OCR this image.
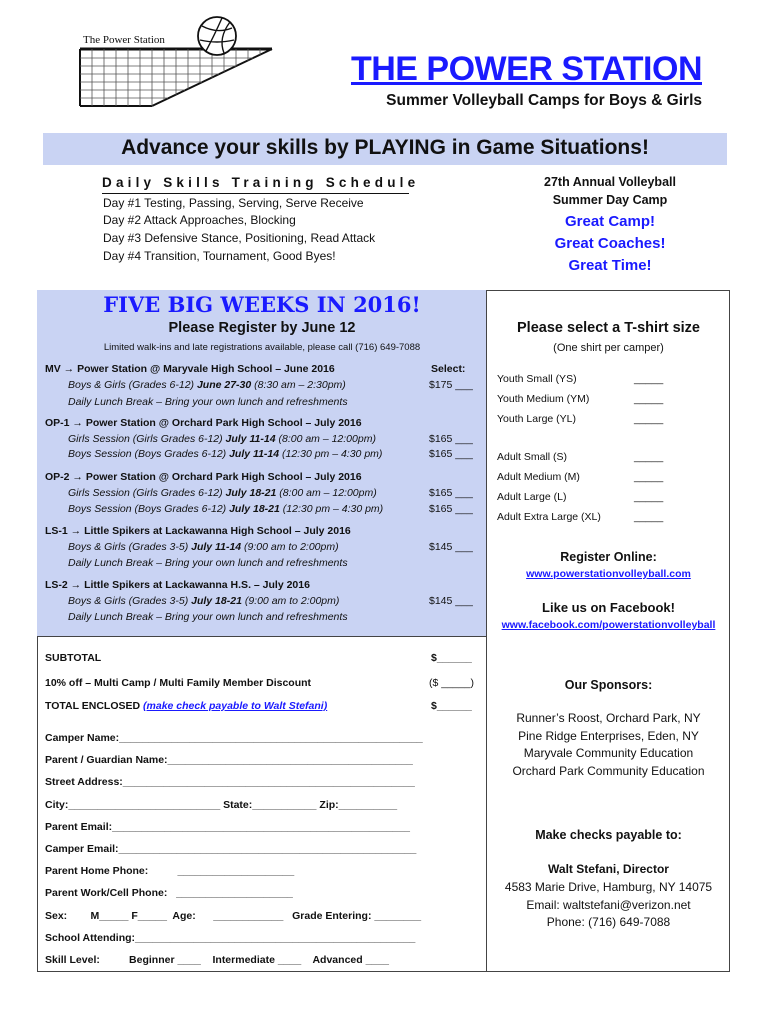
The Power Station
THE POWER STATION
Summer Volleyball Camps for Boys & Girls
Advance your skills by PLAYING in Game Situations!
Daily Skills Training Schedule
Day #1 Testing, Passing, Serving, Serve Receive
Day #2 Attack Approaches, Blocking
Day #3 Defensive Stance, Positioning, Read Attack
Day #4 Transition, Tournament, Good Byes!
27th Annual Volleyball
Summer Day Camp
Great Camp!
Great Coaches!
Great Time!
FIVE BIG WEEKS IN 2016!
Please Register by June 12
Limited walk-ins and late registrations available, please call (716) 649-7088
Select:
MV → Power Station @ Maryvale High School – June 2016
Boys & Girls (Grades 6-12) June 27-30 (8:30 am – 2:30pm)	$175 ___
Daily Lunch Break – Bring your own lunch and refreshments
OP-1 → Power Station @ Orchard Park High School – July 2016
Girls Session (Girls Grades 6-12) July 11-14 (8:00 am – 12:00pm)	$165 ___
Boys Session (Boys Grades 6-12) July 11-14 (12:30 pm – 4:30 pm)	$165 ___
OP-2 → Power Station @ Orchard Park High School – July 2016
Girls Session (Girls Grades 6-12) July 18-21 (8:00 am – 12:00pm)	$165 ___
Boys Session (Boys Grades 6-12) July 18-21 (12:30 pm – 4:30 pm)	$165 ___
LS-1 → Little Spikers at Lackawanna High School – July 2016
Boys & Girls (Grades 3-5) July 11-14 (9:00 am to 2:00pm)	$145 ___
Daily Lunch Break – Bring your own lunch and refreshments
LS-2 → Little Spikers at Lackawanna H.S. – July 2016
Boys & Girls (Grades 3-5) July 18-21 (9:00 am to 2:00pm)	$145 ___
Daily Lunch Break – Bring your own lunch and refreshments
SUBTOTAL	$______
10% off – Multi Camp / Multi Family Member Discount	($ _____)
TOTAL ENCLOSED (make check payable to Walt Stefani)	$______
Camper Name:____________________________________________________
Parent / Guardian Name:__________________________________________
Street Address:__________________________________________________
City:__________________________ State:___________ Zip:__________
Parent Email:___________________________________________________
Camper Email:___________________________________________________
Parent Home Phone:          ____________________
Parent Work/Cell Phone:   ____________________
Sex:        M_____ F_____  Age:      ____________   Grade Entering: ________
School Attending:________________________________________________
Skill Level:          Beginner ____    Intermediate ____    Advanced ____
Please select a T-shirt size
(One shirt per camper)
Youth Small (YS)	_____
Youth Medium (YM)	_____
Youth Large (YL)	_____
Adult Small (S)	_____
Adult Medium (M)	_____
Adult Large (L)	_____
Adult Extra Large (XL)	_____
Register Online:
www.powerstationvolleyball.com
Like us on Facebook!
www.facebook.com/powerstationvolleyball
Our Sponsors:
Runner’s Roost, Orchard Park, NY
Pine Ridge Enterprises, Eden, NY
Maryvale Community Education
Orchard Park Community Education
Make checks payable to:
Walt Stefani, Director
4583 Marie Drive, Hamburg, NY 14075
Email: waltstefani@verizon.net
Phone: (716) 649-7088
